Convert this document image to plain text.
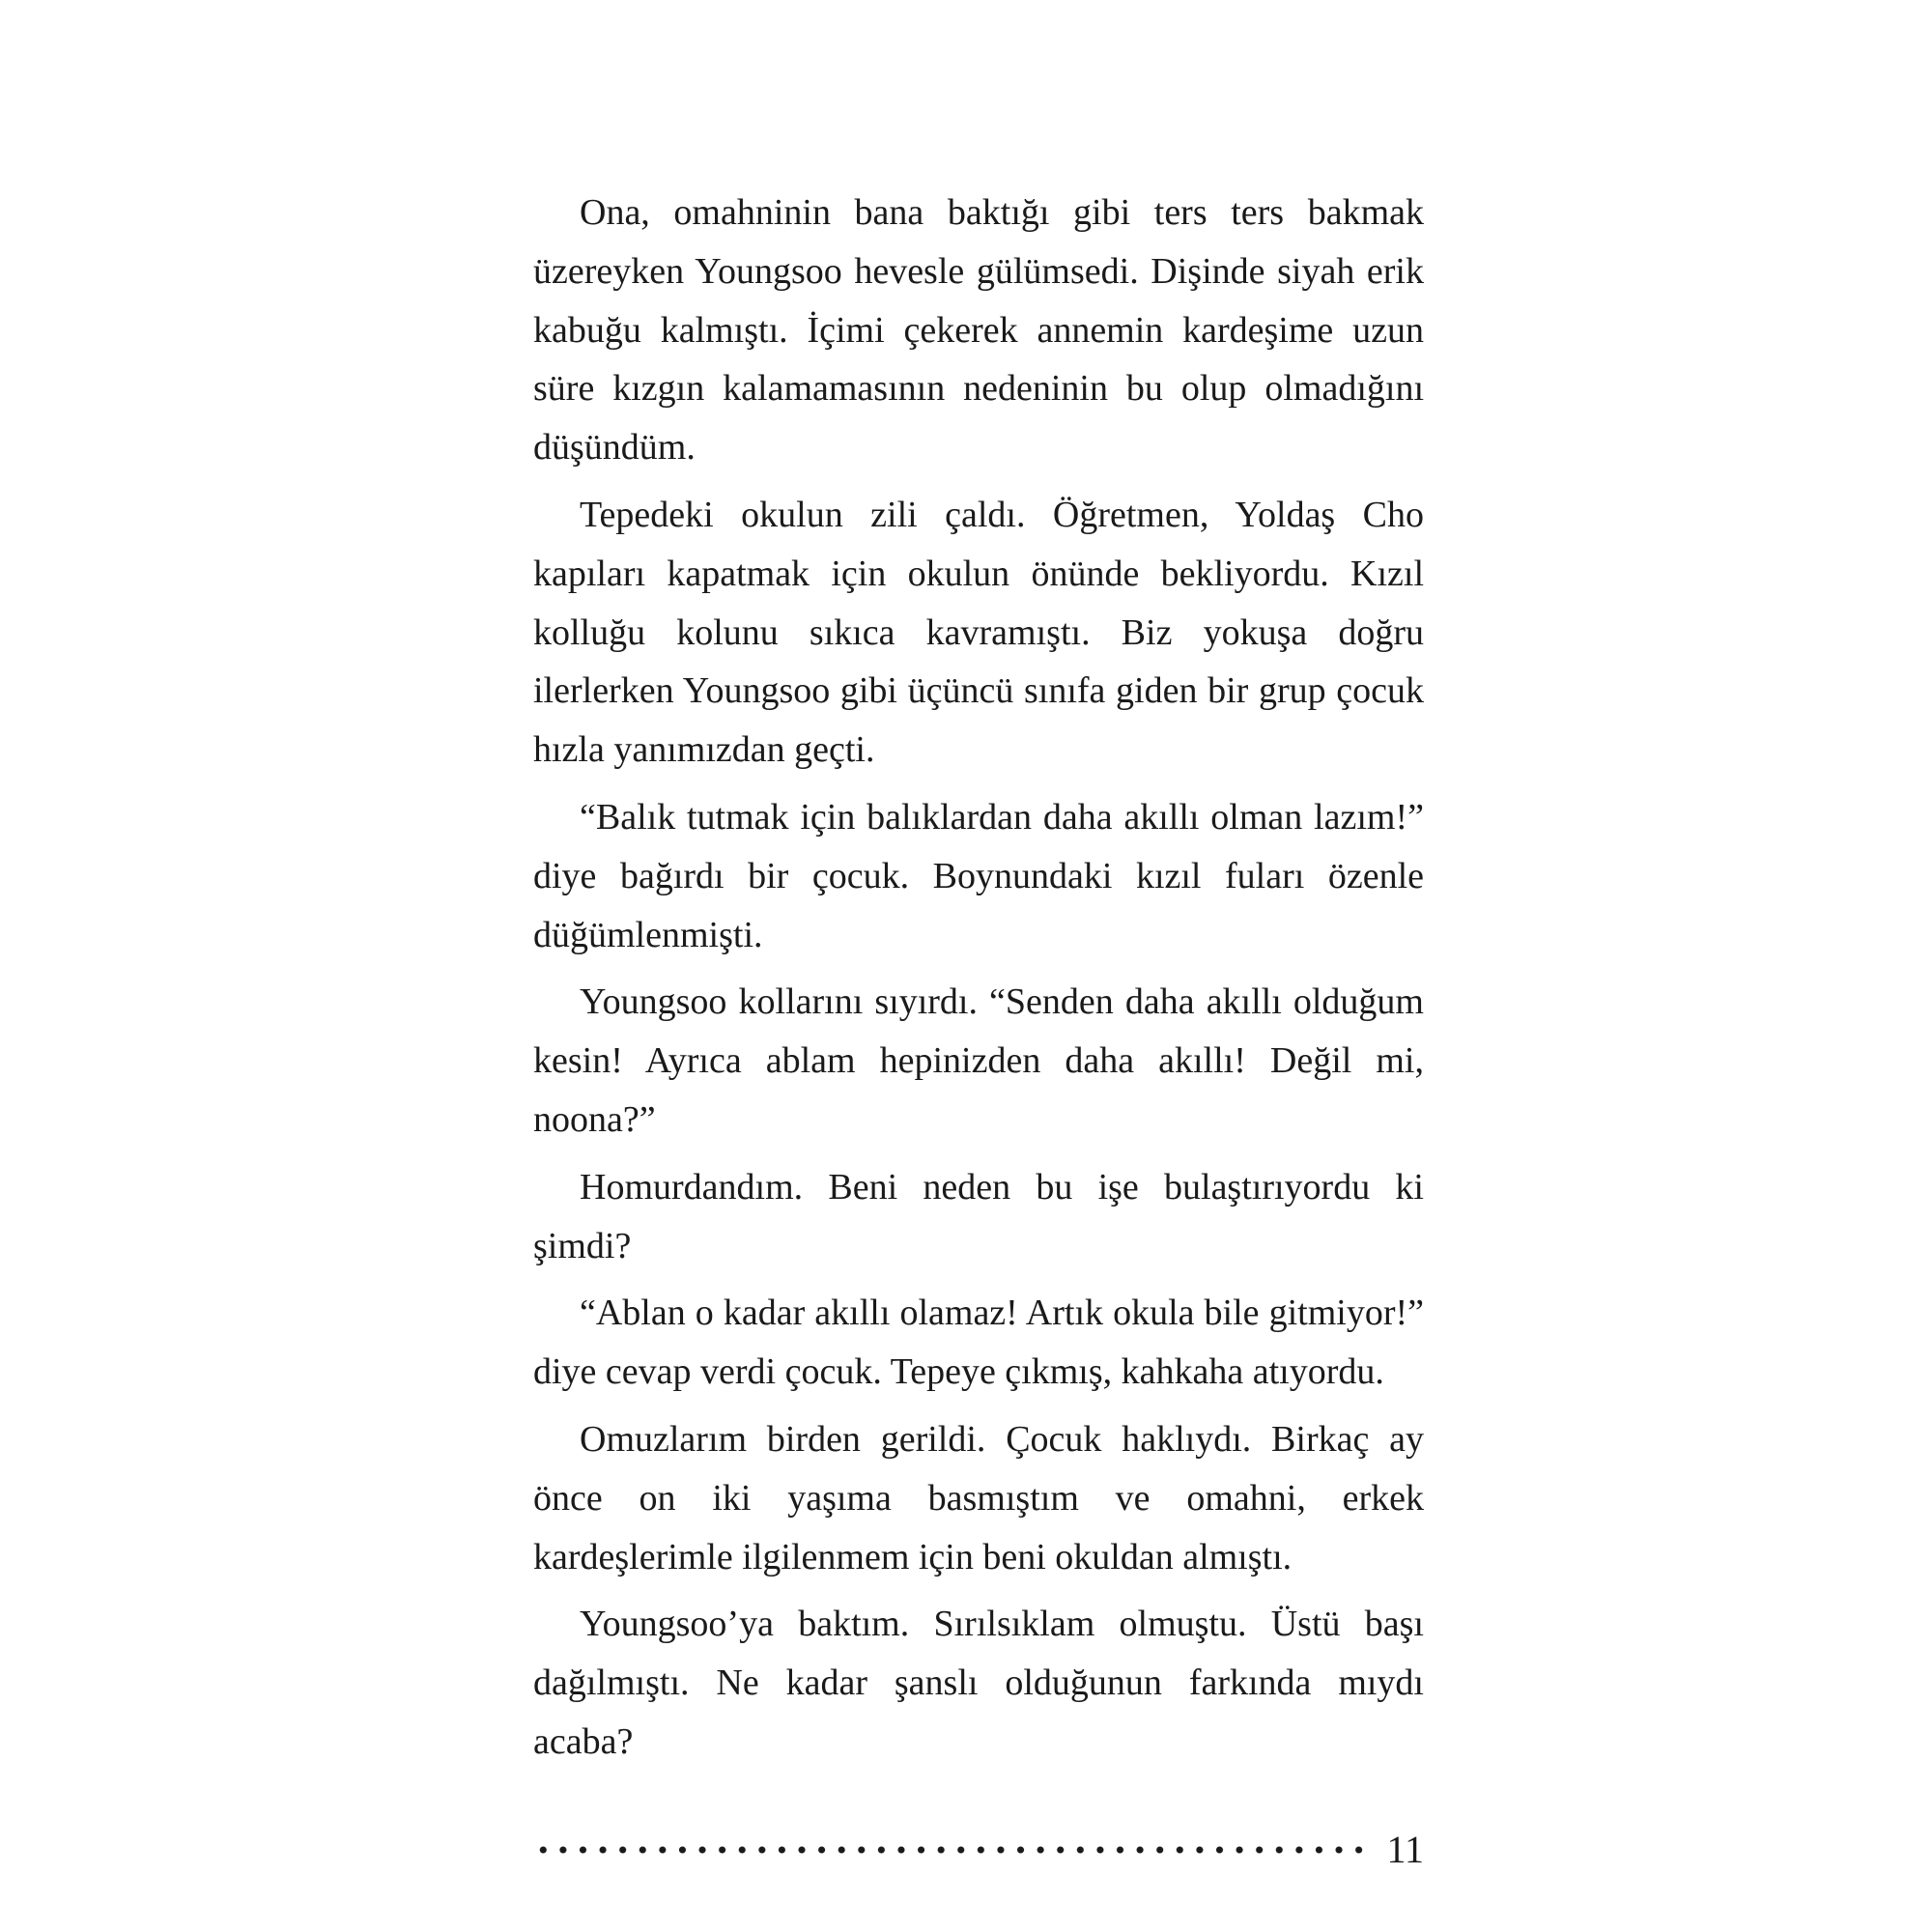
Ona, omahninin bana baktığı gibi ters ters bakmak üzereyken Youngsoo hevesle gülümsedi. Dişinde siyah erik kabuğu kalmıştı. İçimi çekerek annemin kardeşime uzun süre kızgın kalamamasının nedeninin bu olup olmadığını düşündüm.

Tepedeki okulun zili çaldı. Öğretmen, Yoldaş Cho kapıları kapatmak için okulun önünde bekliyordu. Kızıl kolluğu kolunu sıkıca kavramıştı. Biz yokuşa doğru ilerlerken Youngsoo gibi üçüncü sınıfa giden bir grup çocuk hızla yanımızdan geçti.

“Balık tutmak için balıklardan daha akıllı olman lazım!” diye bağırdı bir çocuk. Boynundaki kızıl fuları özenle düğümlenmişti.

Youngsoo kollarını sıyırdı. “Senden daha akıllı olduğum kesin! Ayrıca ablam hepinizden daha akıllı! Değil mi, noona?”

Homurdandım. Beni neden bu işe bulaştırıyordu ki şimdi?

“Ablan o kadar akıllı olamaz! Artık okula bile gitmiyor!” diye cevap verdi çocuk. Tepeye çıkmış, kahkaha atıyordu.

Omuzlarım birden gerildi. Çocuk haklıydı. Birkaç ay önce on iki yaşıma basmıştım ve omahni, erkek kardeşlerimle ilgilenmem için beni okuldan almıştı.

Youngsoo’ya baktım. Sırılsıklam olmuştu. Üstü başı dağılmıştı. Ne kadar şanslı olduğunun farkında mıydı acaba?

11
